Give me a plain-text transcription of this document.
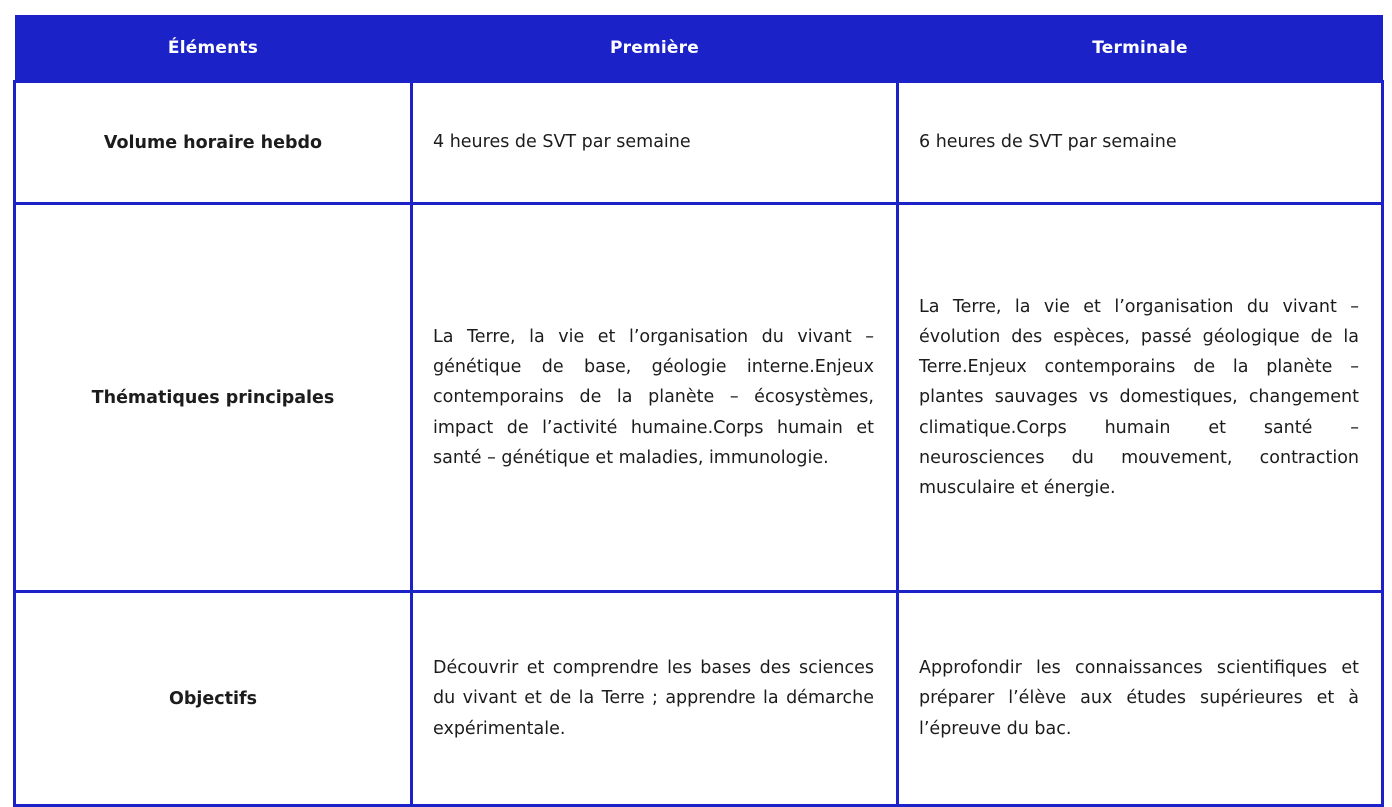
Éléments	Première	Terminale
Volume horaire hebdo	4 heures de SVT par semaine	6 heures de SVT par semaine
Thématiques principales	La Terre, la vie et l’organisation du vivant – génétique de base, géologie interne.Enjeux contemporains de la planète – écosystèmes, impact de l’activité humaine.Corps humain et santé – génétique et maladies, immunologie.	La Terre, la vie et l’organisation du vivant – évolution des espèces, passé géologique de la Terre.Enjeux contemporains de la planète – plantes sauvages vs domestiques, changement climatique.Corps humain et santé – neurosciences du mouvement, contraction musculaire et énergie.
Objectifs	Découvrir et comprendre les bases des sciences du vivant et de la Terre ; apprendre la démarche expérimentale.	Approfondir les connaissances scientifiques et préparer l’élève aux études supérieures et à l’épreuve du bac.
